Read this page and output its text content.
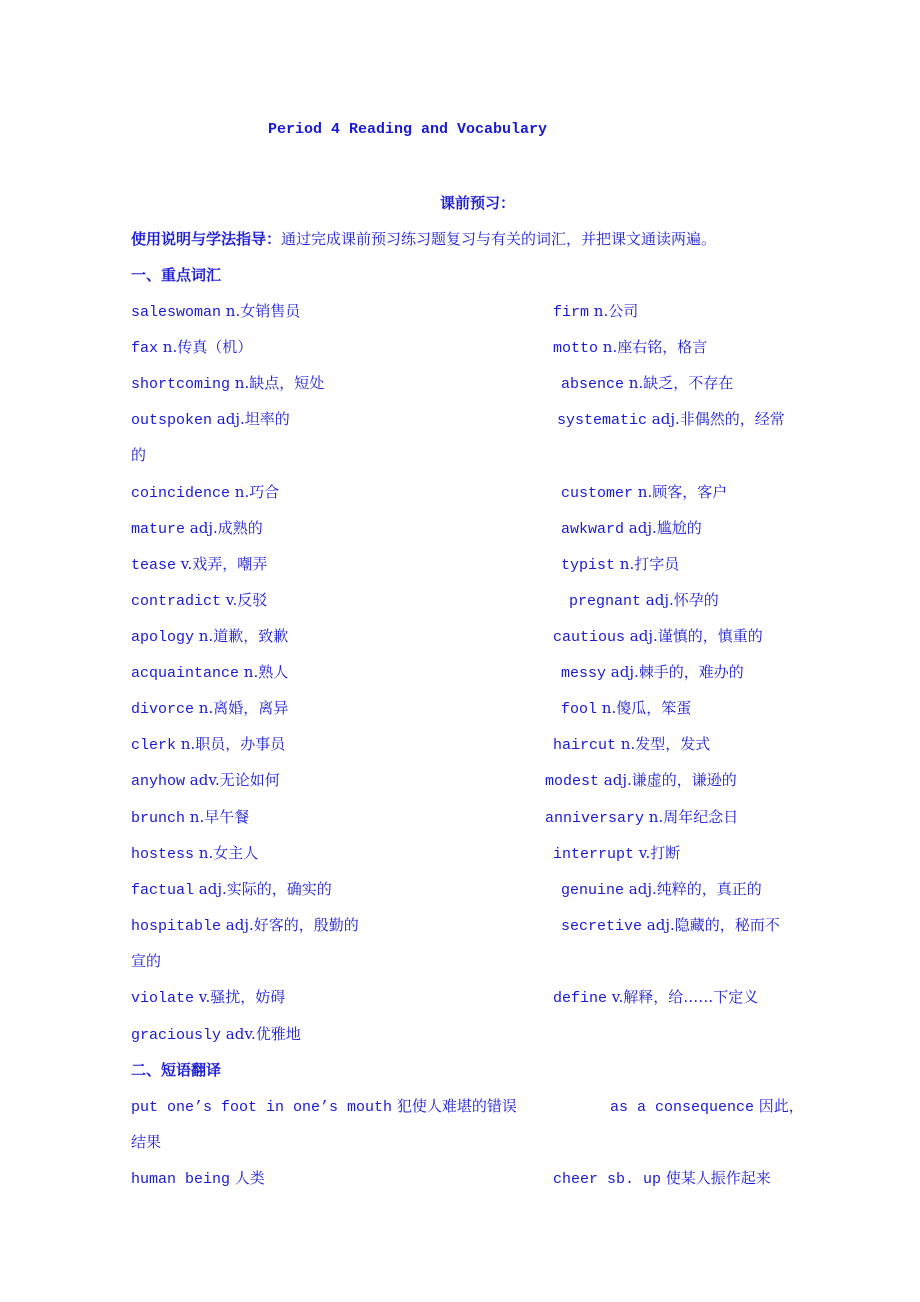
Period 4 Reading and Vocabulary
课前预习：
使用说明与学法指导：通过完成课前预习练习题复习与有关的词汇，并把课文通读两遍。
一、重点词汇
saleswoman n.女销售员	firm n.公司
fax n.传真（机）	motto n.座右铭，格言
shortcoming n.缺点，短处	absence n.缺乏，不存在
outspoken adj.坦率的	systematic adj.非偶然的，经常
的
coincidence n.巧合	customer n.顾客，客户
mature adj.成熟的	awkward adj.尴尬的
tease v.戏弄，嘲弄	typist n.打字员
contradict v.反驳	pregnant adj.怀孕的
apology n.道歉，致歉	cautious adj.谨慎的，慎重的
acquaintance n.熟人	messy adj.棘手的，难办的
divorce n.离婚，离异	fool n.傻瓜，笨蛋
clerk n.职员，办事员	haircut n.发型，发式
anyhow adv.无论如何	modest adj.谦虚的，谦逊的
brunch n.早午餐	anniversary n.周年纪念日
hostess n.女主人	interrupt v.打断
factual adj.实际的，确实的	genuine adj.纯粹的，真正的
hospitable adj.好客的，殷勤的	secretive adj.隐藏的，秘而不
宣的
violate v.骚扰，妨碍	define v.解释，给……下定义
graciously adv.优雅地
二、短语翻译
put one’s foot in one’s mouth 犯使人难堪的错误	as a consequence 因此，
结果
human being 人类	cheer sb. up 使某人振作起来
